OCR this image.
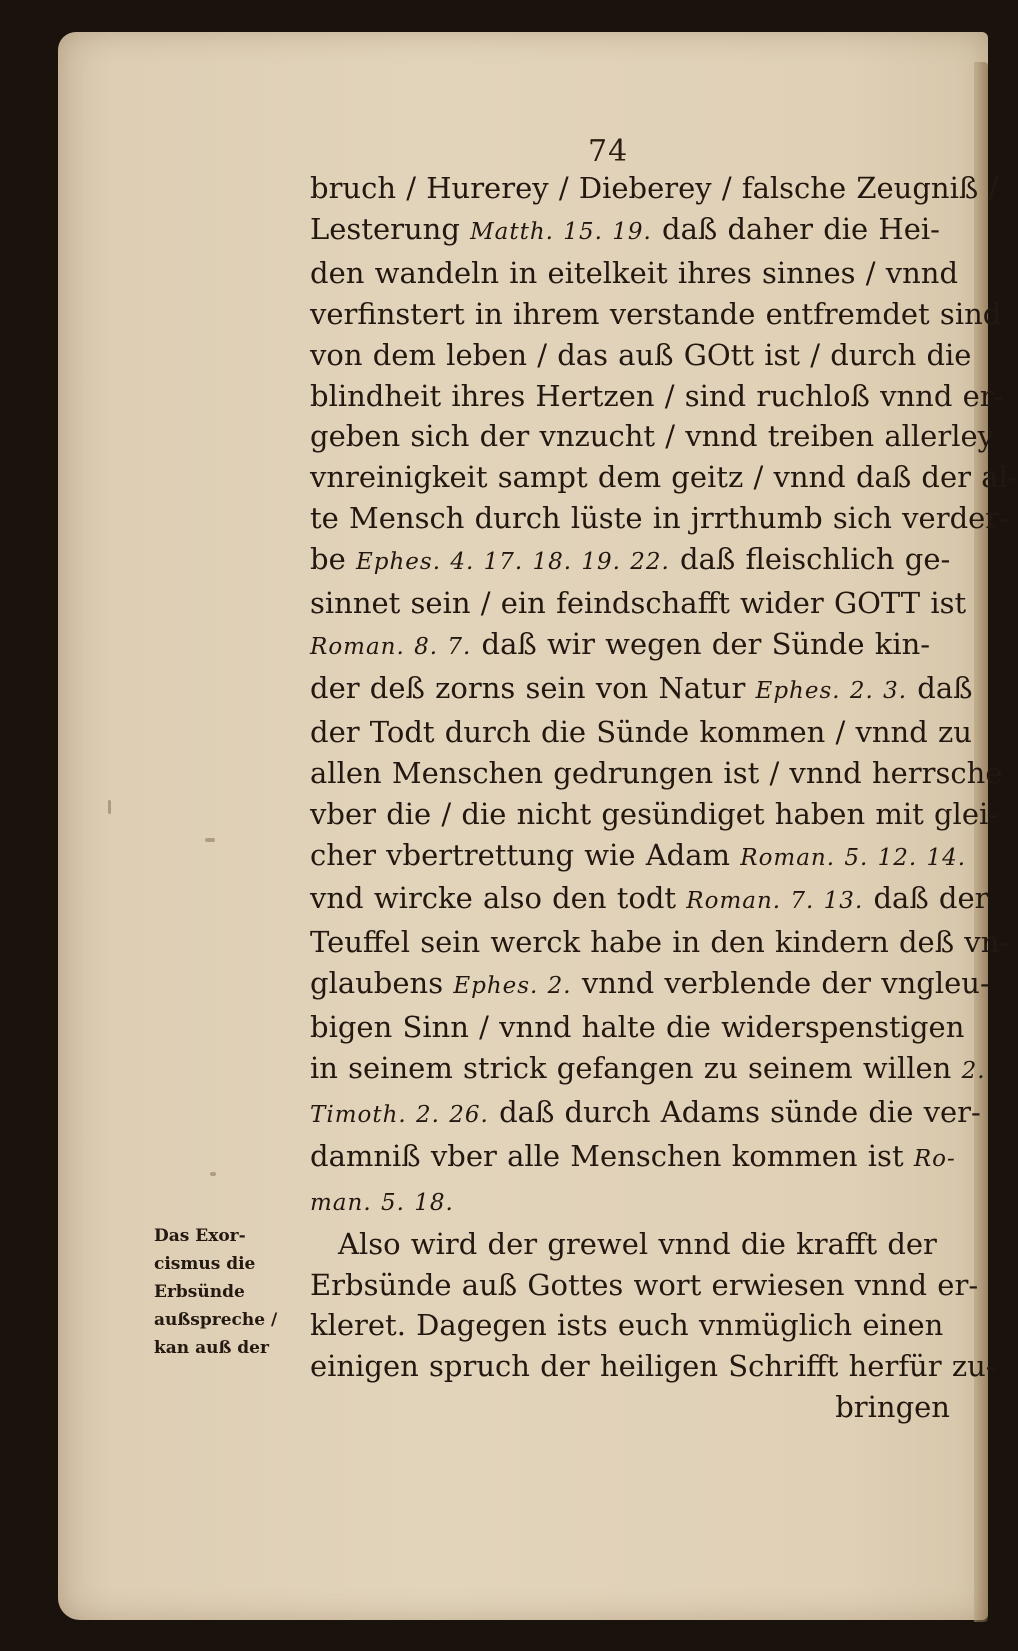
74
bruch / Hurerey / Dieberey / falsche Zeugniß /
Lesterung Matth. 15. 19. daß daher die Hei-
den wandeln in eitelkeit ihres sinnes / vnnd
verfinstert in ihrem verstande entfremdet sind
von dem leben / das auß GOtt ist / durch die
blindheit ihres Hertzen / sind ruchloß vnnd er-
geben sich der vnzucht / vnnd treiben allerley
vnreinigkeit sampt dem geitz / vnnd daß der al-
te Mensch durch lüste in jrrthumb sich verder-
be Ephes. 4. 17. 18. 19. 22. daß fleischlich ge-
sinnet sein / ein feindschafft wider GOTT ist
Roman. 8. 7. daß wir wegen der Sünde kin-
der deß zorns sein von Natur Ephes. 2. 3. daß
der Todt durch die Sünde kommen / vnnd zu
allen Menschen gedrungen ist / vnnd herrsche
vber die / die nicht gesündiget haben mit glei-
cher vbertrettung wie Adam Roman. 5. 12. 14.
vnd wircke also den todt Roman. 7. 13. daß der
Teuffel sein werck habe in den kindern deß vn-
glaubens Ephes. 2. vnnd verblende der vngleu-
bigen Sinn / vnnd halte die widerspenstigen
in seinem strick gefangen zu seinem willen 2.
Timoth. 2. 26. daß durch Adams sünde die ver-
damniß vber alle Menschen kommen ist Ro-
man. 5. 18.
Also wird der grewel vnnd die krafft der
Erbsünde auß Gottes wort erwiesen vnnd er-
kleret. Dagegen ists euch vnmüglich einen
einigen spruch der heiligen Schrifft herfür zu-
bringen
Das Exor-
cismus die
Erbsünde
außspreche /
kan auß der
